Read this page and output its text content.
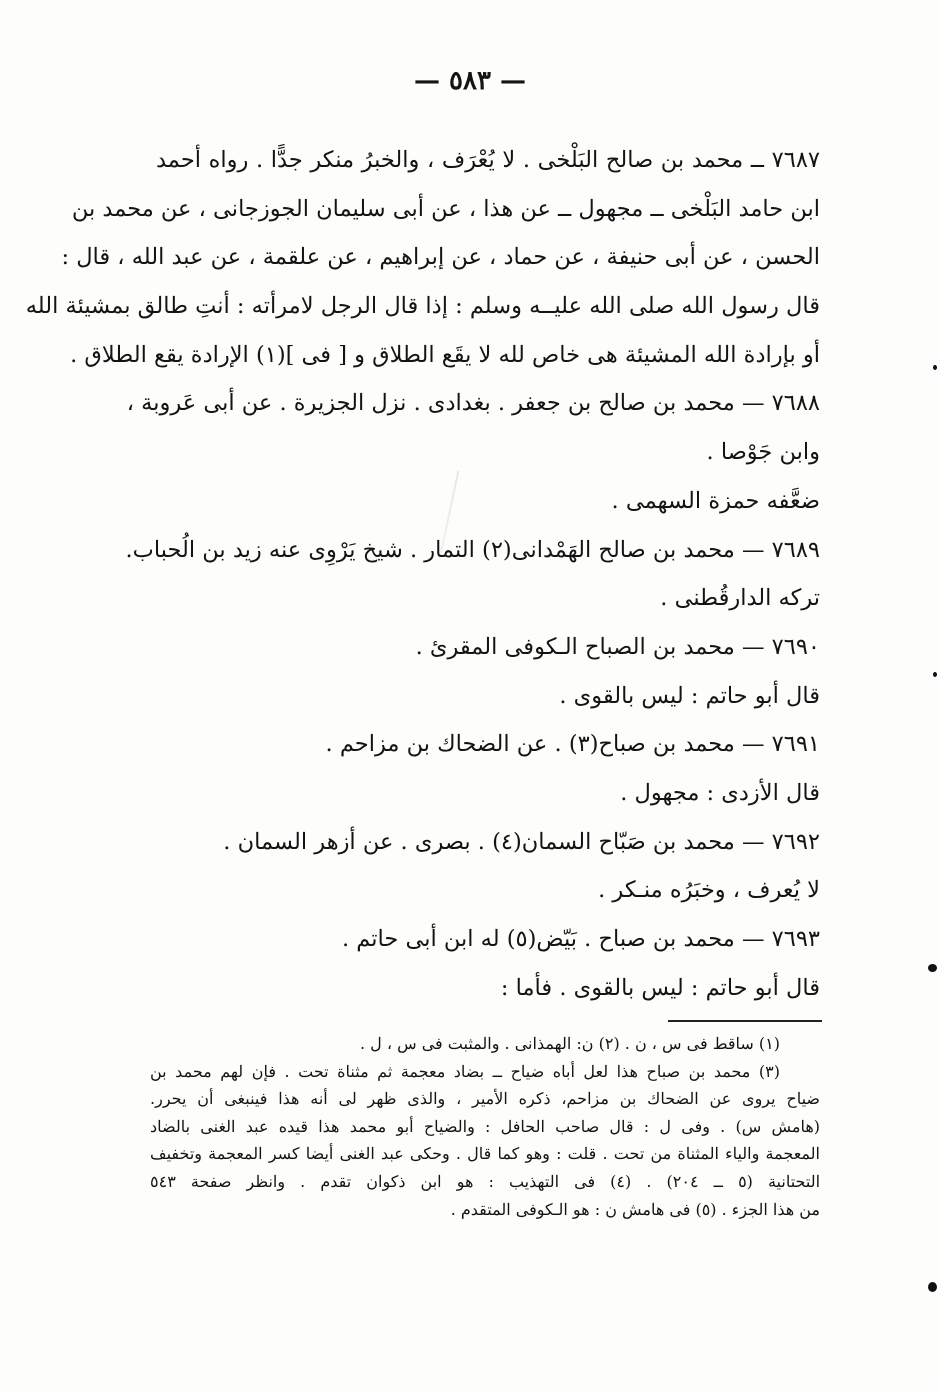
— ٥٨٣ —
٧٦٨٧ ــ محمد بن صالح البَلْخى . لا يُعْرَف ، والخبرُ منكر جدًّا . رواه أحمد
ابن حامد البَلْخى ــ مجهول ــ عن هذا ، عن أبى سليمان الجوزجانى ، عن محمد بن
الحسن ، عن أبى حنيفة ، عن حماد ، عن إبراهيم ، عن علقمة ، عن عبد الله ، قال :
قال رسول الله صلى الله عليــه وسلم : إذا قال الرجل لامرأته : أنتِ طالق بمشيئة الله
أو بإرادة الله المشيئة هى خاص لله لا يقَع الطلاق و [ فى ](١) الإرادة يقع الطلاق .
٧٦٨٨ — محمد بن صالح بن جعفر . بغدادى . نزل الجزيرة . عن أبى عَروبة ،
وابن جَوْصا .
ضعَّفه حمزة السهمى .
٧٦٨٩ — محمد بن صالح الهَمْدانى(٢) التمار . شيخ يَرْوِى عنه زيد بن الُحباب.
تركه الدارقُطنى .
٧٦٩٠ — محمد بن الصباح الـكوفى المقرئ .
قال أبو حاتم : ليس بالقوى .
٧٦٩١ — محمد بن صباح(٣) . عن الضحاك بن مزاحم .
قال الأزدى : مجهول .
٧٦٩٢ — محمد بن صَبّاح السمان(٤) . بصرى . عن أزهر السمان .
لا يُعرف ، وخبَرُه منـكر .
٧٦٩٣ — محمد بن صباح . بَيّض(٥) له ابن أبى حاتم .
قال أبو حاتم : ليس بالقوى . فأما :
(١) ساقط فى س ، ن . (٢) ن: الهمذانى . والمثبت فى س ، ل .
(٣) محمد بن صباح هذا لعل أباه ضياح ــ بضاد معجمة ثم مثناة تحت . فإن لهم محمد بن
ضياح يروى عن الضحاك بن مزاحم، ذكره الأمير ، والذى ظهر لى أنه هذا فينبغى أن يحرر.
(هامش س) . وفى ل : قال صاحب الحافل : والضياح أبو محمد هذا قيده عبد الغنى بالضاد
المعجمة والياء المثناة من تحت . قلت : وهو كما قال . وحكى عبد الغنى أيضا كسر المعجمة وتخفيف
التحتانية (٥ ــ ٢٠٤) . (٤) فى التهذيب : هو ابن ذكوان تقدم . وانظر صفحة ٥٤٣
من هذا الجزء . (٥) فى هامش ن : هو الـكوفى المتقدم .
